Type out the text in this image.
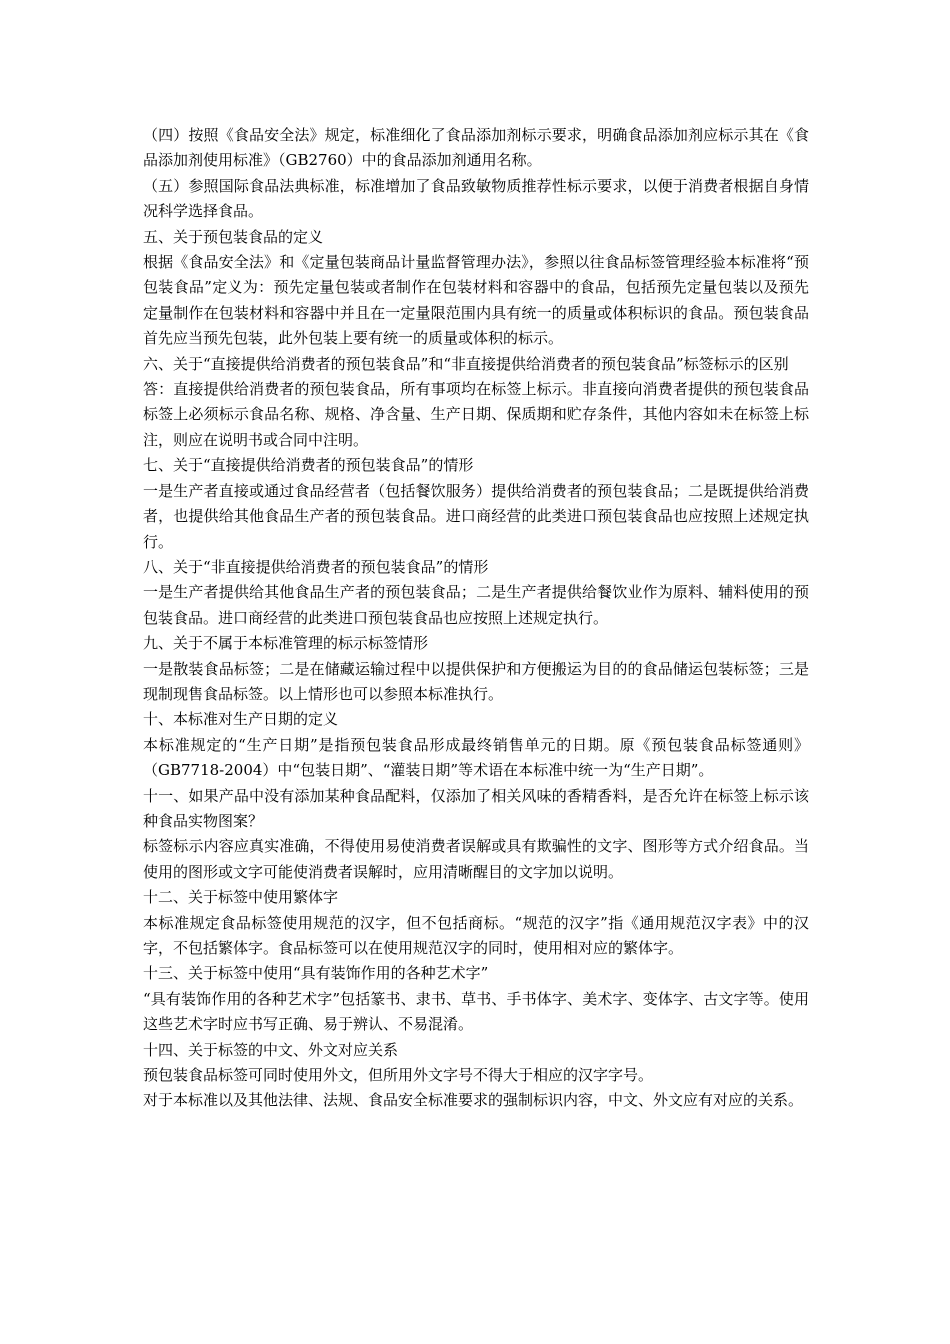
（四）按照《食品安全法》规定，标准细化了食品添加剂标示要求，明确食品添加剂应标示其在《食品添加剂使用标准》（GB2760）中的食品添加剂通用名称。

（五）参照国际食品法典标准，标准增加了食品致敏物质推荐性标示要求，以便于消费者根据自身情况科学选择食品。

五、关于预包装食品的定义

根据《食品安全法》和《定量包装商品计量监督管理办法》，参照以往食品标签管理经验本标准将“预包装食品”定义为：预先定量包装或者制作在包装材料和容器中的食品，包括预先定量包装以及预先定量制作在包装材料和容器中并且在一定量限范围内具有统一的质量或体积标识的食品。预包装食品首先应当预先包装，此外包装上要有统一的质量或体积的标示。

六、关于“直接提供给消费者的预包装食品”和“非直接提供给消费者的预包装食品”标签标示的区别

答：直接提供给消费者的预包装食品，所有事项均在标签上标示。非直接向消费者提供的预包装食品标签上必须标示食品名称、规格、净含量、生产日期、保质期和贮存条件，其他内容如未在标签上标注，则应在说明书或合同中注明。

七、关于“直接提供给消费者的预包装食品”的情形

一是生产者直接或通过食品经营者（包括餐饮服务）提供给消费者的预包装食品；二是既提供给消费者，也提供给其他食品生产者的预包装食品。进口商经营的此类进口预包装食品也应按照上述规定执行。

八、关于“非直接提供给消费者的预包装食品”的情形

一是生产者提供给其他食品生产者的预包装食品；二是生产者提供给餐饮业作为原料、辅料使用的预包装食品。进口商经营的此类进口预包装食品也应按照上述规定执行。

九、关于不属于本标准管理的标示标签情形

一是散装食品标签；二是在储藏运输过程中以提供保护和方便搬运为目的的食品储运包装标签；三是现制现售食品标签。以上情形也可以参照本标准执行。

十、本标准对生产日期的定义

本标准规定的“生产日期”是指预包装食品形成最终销售单元的日期。原《预包装食品标签通则》（GB7718-2004）中“包装日期”、“灌装日期”等术语在本标准中统一为“生产日期”。

十一、如果产品中没有添加某种食品配料，仅添加了相关风味的香精香料，是否允许在标签上标示该种食品实物图案？

标签标示内容应真实准确，不得使用易使消费者误解或具有欺骗性的文字、图形等方式介绍食品。当使用的图形或文字可能使消费者误解时，应用清晰醒目的文字加以说明。

十二、关于标签中使用繁体字

本标准规定食品标签使用规范的汉字，但不包括商标。“规范的汉字”指《通用规范汉字表》中的汉字，不包括繁体字。食品标签可以在使用规范汉字的同时，使用相对应的繁体字。

十三、关于标签中使用“具有装饰作用的各种艺术字”

“具有装饰作用的各种艺术字”包括篆书、隶书、草书、手书体字、美术字、变体字、古文字等。使用这些艺术字时应书写正确、易于辨认、不易混淆。

十四、关于标签的中文、外文对应关系

预包装食品标签可同时使用外文，但所用外文字号不得大于相应的汉字字号。

对于本标准以及其他法律、法规、食品安全标准要求的强制标识内容，中文、外文应有对应的关系。
